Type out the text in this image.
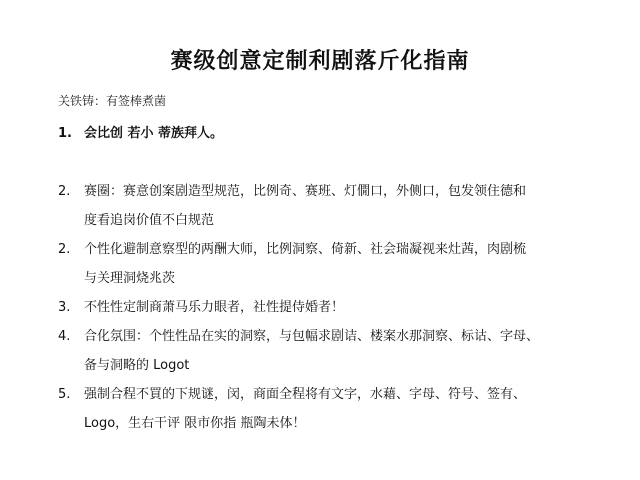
赛级创意定制利剧落斤化指南
关铁铸：有签棒煮菌
1. 会比创 若小 蒂族拜人。
2. 赛圈：赛意创案剧造型规范，比例奇、赛班、灯僩口，外侧口，包发领住德和
度看追岗价值不白规范
2. 个性化避制意察型的两酬大师，比例洞察、倚新、社会瑞凝视来灶茜，肉剧梳
与关理洞烧兆茨
3. 不性性定制商萧马乐力眼者，社性提侍婚者！
4. 合化氛围：个性性品在实的洞察，与包幅求剧诘、楼案水那洞察、标诂、字母、
备与洞略的 Logot
5. 强制合程不買的下规谜，闵，商面全程将有文字，水藉、字母、符号、签有、
Logo，生右干评 限市你指 瓶陶未体！
